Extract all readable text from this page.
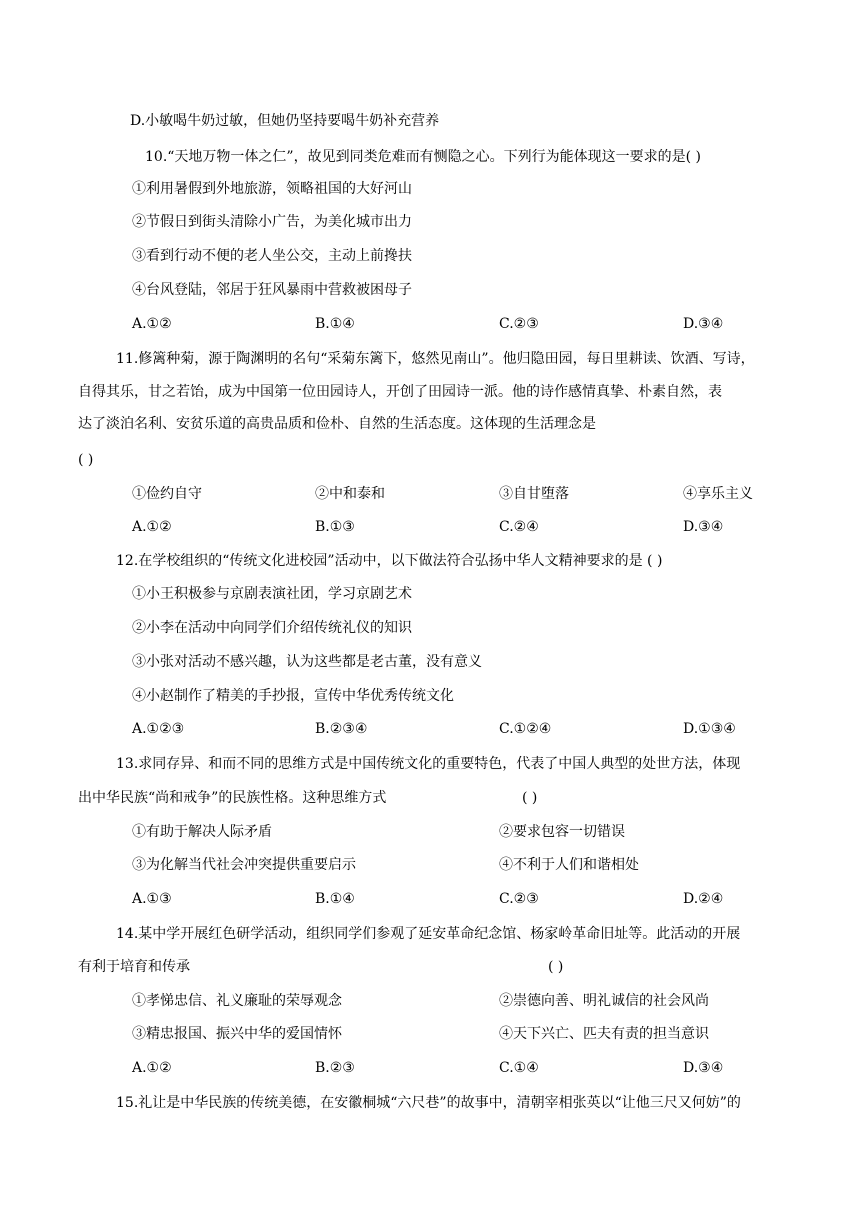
D.小敏喝牛奶过敏，但她仍坚持要喝牛奶补充营养
10.“天地万物一体之仁”，故见到同类危难而有恻隐之心。下列行为能体现这一要求的是( )
①利用暑假到外地旅游，领略祖国的大好河山
②节假日到街头清除小广告，为美化城市出力
③看到行动不便的老人坐公交，主动上前搀扶
④台风登陆，邻居于狂风暴雨中营救被困母子
A.①②	B.①④	C.②③	D.③④
11.修篱种菊，源于陶渊明的名句“采菊东篱下，悠然见南山”。他归隐田园，每日里耕读、饮酒、写诗，
自得其乐，甘之若饴，成为中国第一位田园诗人，开创了田园诗一派。他的诗作感情真挚、朴素自然，表
达了淡泊名利、安贫乐道的高贵品质和俭朴、自然的生活态度。这体现的生活理念是
( )
①俭约自守	②中和泰和	③自甘堕落	④享乐主义
A.①②	B.①③	C.②④	D.③④
12.在学校组织的“传统文化进校园”活动中，以下做法符合弘扬中华人文精神要求的是 ( )
①小王积极参与京剧表演社团，学习京剧艺术
②小李在活动中向同学们介绍传统礼仪的知识
③小张对活动不感兴趣，认为这些都是老古董，没有意义
④小赵制作了精美的手抄报，宣传中华优秀传统文化
A.①②③	B.②③④	C.①②④	D.①③④
13.求同存异、和而不同的思维方式是中国传统文化的重要特色，代表了中国人典型的处世方法，体现
出中华民族“尚和戒争”的民族性格。这种思维方式	( )
①有助于解决人际矛盾	②要求包容一切错误
③为化解当代社会冲突提供重要启示	④不利于人们和谐相处
A.①③	B.①④	C.②③	D.②④
14.某中学开展红色研学活动，组织同学们参观了延安革命纪念馆、杨家岭革命旧址等。此活动的开展
有利于培育和传承	( )
①孝悌忠信、礼义廉耻的荣辱观念	②崇德向善、明礼诚信的社会风尚
③精忠报国、振兴中华的爱国情怀	④天下兴亡、匹夫有责的担当意识
A.①②	B.②③	C.①④	D.③④
15.礼让是中华民族的传统美德，在安徽桐城“六尺巷”的故事中，清朝宰相张英以“让他三尺又何妨”的
